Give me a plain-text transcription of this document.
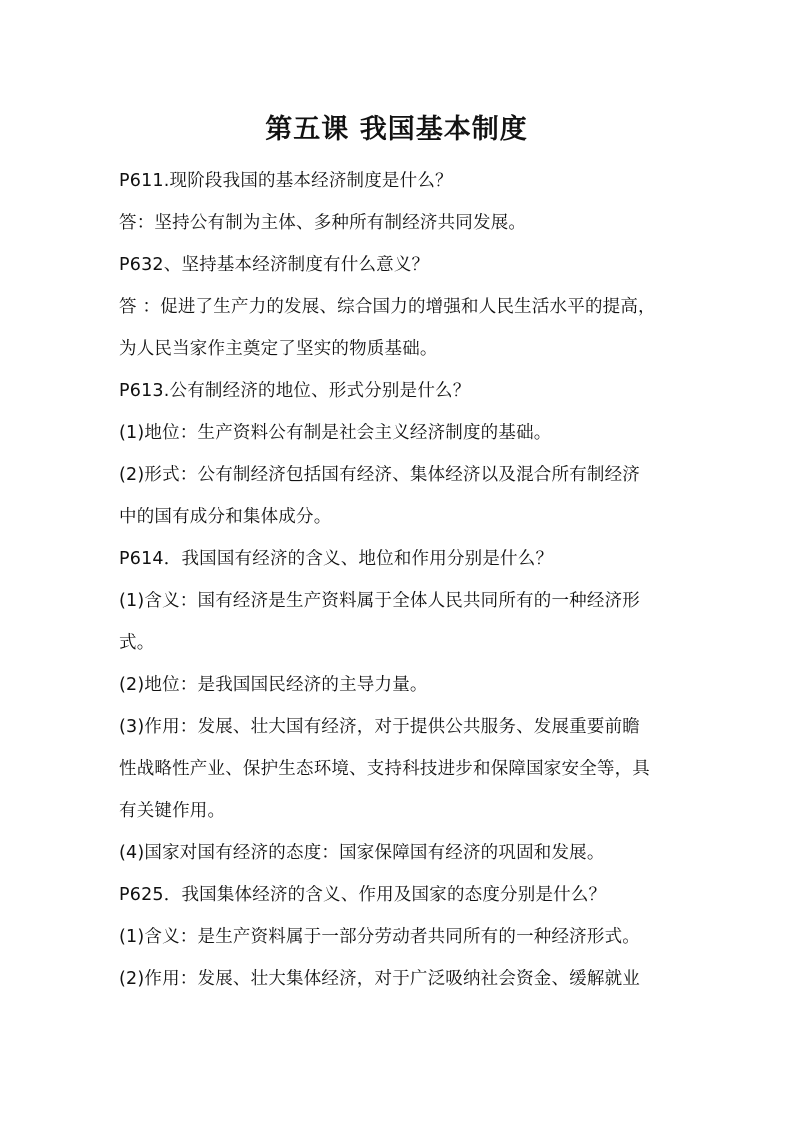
第五课 我国基本制度
P611.现阶段我国的基本经济制度是什么？
答：坚持公有制为主体、多种所有制经济共同发展。
P632、坚持基本经济制度有什么意义？
答 ：促进了生产力的发展、综合国力的增强和人民生活水平的提高，
为人民当家作主奠定了坚实的物质基础。
P613.公有制经济的地位、形式分别是什么？
(1)地位：生产资料公有制是社会主义经济制度的基础。
(2)形式：公有制经济包括国有经济、集体经济以及混合所有制经济
中的国有成分和集体成分。
P614．我国国有经济的含义、地位和作用分别是什么？
(1)含义：国有经济是生产资料属于全体人民共同所有的一种经济形
式。
(2)地位：是我国国民经济的主导力量。
(3)作用：发展、壮大国有经济，对于提供公共服务、发展重要前瞻
性战略性产业、保护生态环境、支持科技进步和保障国家安全等，具
有关键作用。
(4)国家对国有经济的态度：国家保障国有经济的巩固和发展。
P625．我国集体经济的含义、作用及国家的态度分别是什么？
(1)含义：是生产资料属于一部分劳动者共同所有的一种经济形式。
(2)作用：发展、壮大集体经济，对于广泛吸纳社会资金、缓解就业
